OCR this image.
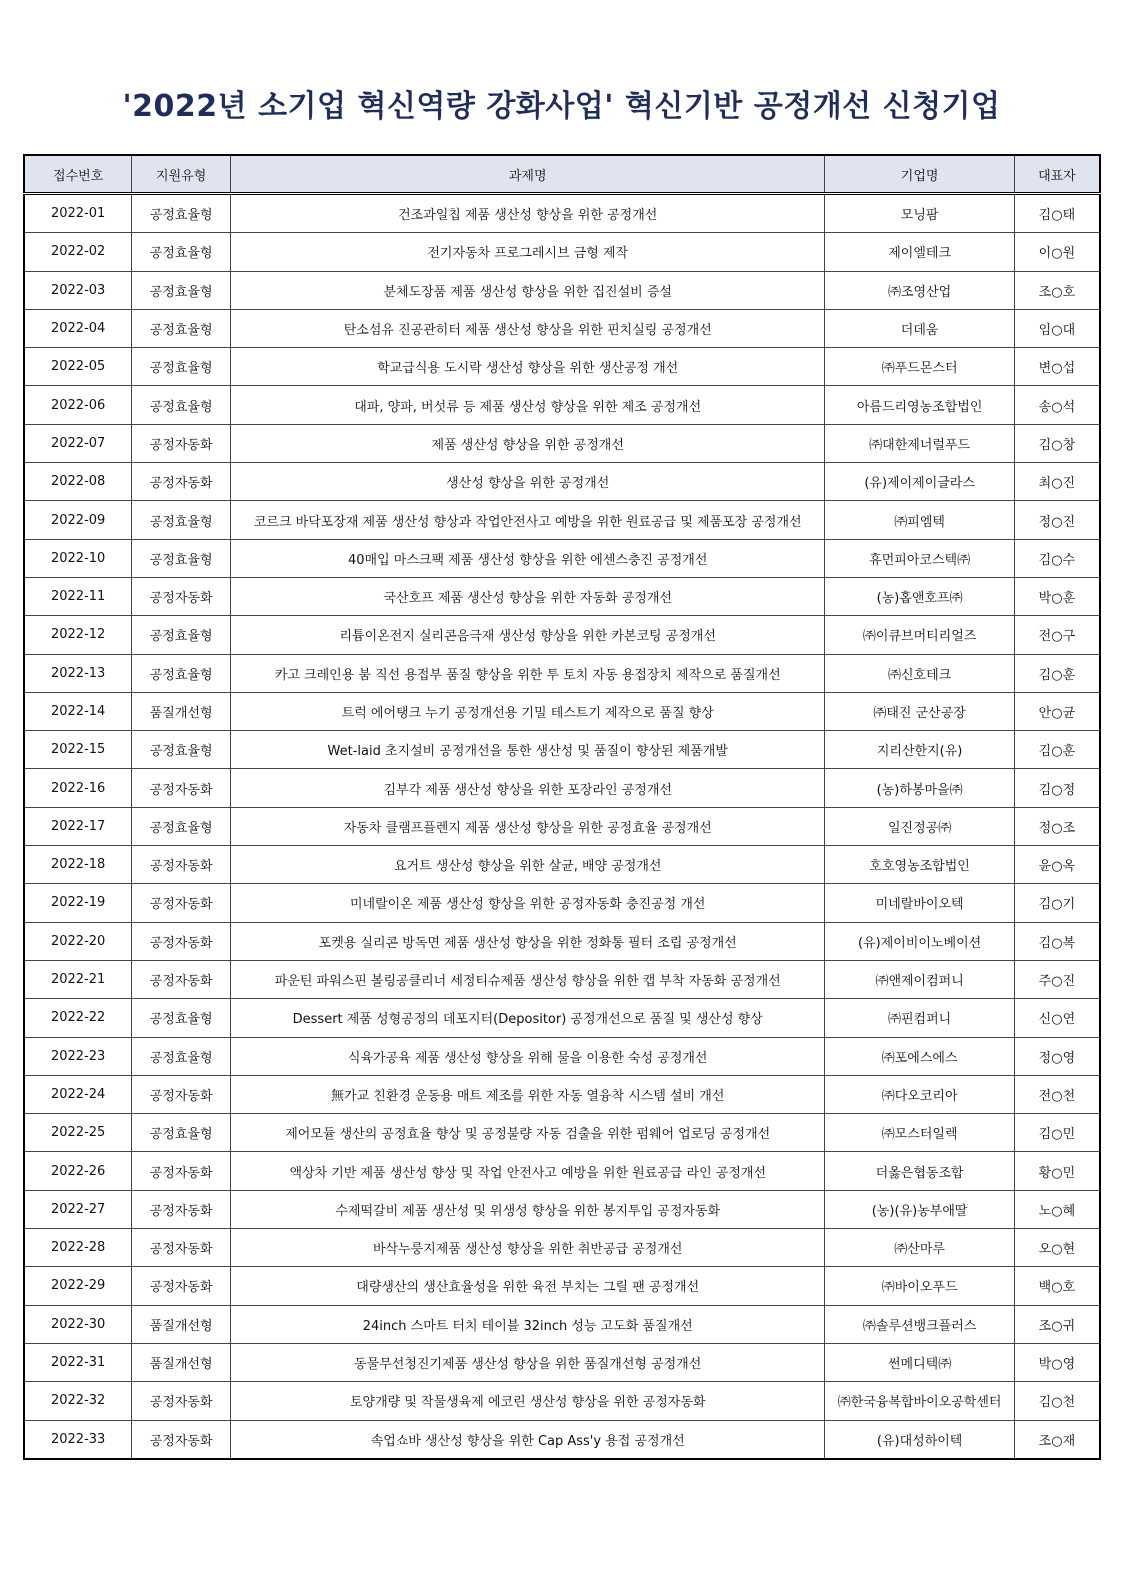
'2022년 소기업 혁신역량 강화사업' 혁신기반 공정개선 신청기업
접수번호	지원유형	과제명	기업명	대표자
2022-01	공정효율형	건조과일칩 제품 생산성 향상을 위한 공정개선	모닝팜	김○태
2022-02	공정효율형	전기자동차 프로그레시브 금형 제작	제이엘테크	이○원
2022-03	공정효율형	분체도장품 제품 생산성 향상을 위한 집진설비 증설	㈜조영산업	조○호
2022-04	공정효율형	탄소섬유 진공관히터 제품 생산성 향상을 위한 핀치실링 공정개선	더데움	임○대
2022-05	공정효율형	학교급식용 도시락 생산성 향상을 위한 생산공정 개선	㈜푸드몬스터	변○섭
2022-06	공정효율형	대파, 양파, 버섯류 등 제품 생산성 향상을 위한 제조 공정개선	아름드리영농조합법인	송○석
2022-07	공정자동화	제품 생산성 향상을 위한 공정개선	㈜대한제너럴푸드	김○창
2022-08	공정자동화	생산성 향상을 위한 공정개선	(유)제이제이글라스	최○진
2022-09	공정효율형	코르크 바닥포장재 제품 생산성 향상과 작업안전사고 예방을 위한 원료공급 및 제품포장 공정개선	㈜피엠텍	정○진
2022-10	공정효율형	40매입 마스크팩 제품 생산성 향상을 위한 에센스충진 공정개선	휴먼피아코스텍㈜	김○수
2022-11	공정자동화	국산호프 제품 생산성 향상을 위한 자동화 공정개선	(농)홉앤호프㈜	박○훈
2022-12	공정효율형	리튬이온전지 실리콘음극재 생산성 향상을 위한 카본코팅 공정개선	㈜이큐브머티리얼즈	전○구
2022-13	공정효율형	카고 크레인용 붐 직선 용접부 품질 향상을 위한 투 토치 자동 용접장치 제작으로 품질개선	㈜신호테크	김○훈
2022-14	품질개선형	트럭 에어탱크 누기 공정개선용 기밀 테스트기 제작으로 품질 향상	㈜태진 군산공장	안○균
2022-15	공정효율형	Wet-laid 초지설비 공정개선을 통한 생산성 및 품질이 향상된 제품개발	지리산한지(유)	김○훈
2022-16	공정자동화	김부각 제품 생산성 향상을 위한 포장라인 공정개선	(농)하봉마을㈜	김○정
2022-17	공정효율형	자동차 클램프플렌지 제품 생산성 향상을 위한 공정효율 공정개선	일진정공㈜	정○조
2022-18	공정자동화	요거트 생산성 향상을 위한 살균, 배양 공정개선	호호영농조합법인	윤○옥
2022-19	공정자동화	미네랄이온 제품 생산성 향상을 위한 공정자동화 충진공정 개선	미네랄바이오텍	김○기
2022-20	공정자동화	포켓용 실리콘 방독면 제품 생산성 향상을 위한 정화통 필터 조립 공정개선	(유)제이비이노베이션	김○복
2022-21	공정자동화	파운틴 파워스핀 볼링공클리너 세정티슈제품 생산성 향상을 위한 캡 부착 자동화 공정개선	㈜앤제이컴퍼니	주○진
2022-22	공정효율형	Dessert 제품 성형공정의 데포지터(Depositor) 공정개선으로 품질 및 생산성 향상	㈜핀컴퍼니	신○연
2022-23	공정효율형	식육가공육 제품 생산성 향상을 위해 물을 이용한 숙성 공정개선	㈜포에스에스	정○영
2022-24	공정자동화	無가교 친환경 운동용 매트 제조를 위한 자동 열융착 시스템 설비 개선	㈜다오코리아	전○천
2022-25	공정효율형	제어모듈 생산의 공정효율 향상 및 공정불량 자동 검출을 위한 펌웨어 업로딩 공정개선	㈜모스터일렉	김○민
2022-26	공정자동화	액상차 기반 제품 생산성 향상 및 작업 안전사고 예방을 위한 원료공급 라인 공정개선	더옳은협동조합	황○민
2022-27	공정자동화	수제떡갈비 제품 생산성 및 위생성 향상을 위한 봉지투입 공정자동화	(농)(유)농부애딸	노○혜
2022-28	공정자동화	바삭누룽지제품 생산성 향상을 위한 취반공급 공정개선	㈜산마루	오○현
2022-29	공정자동화	대량생산의 생산효율성을 위한 육전 부치는 그릴 팬 공정개선	㈜바이오푸드	백○호
2022-30	품질개선형	24inch 스마트 터치 테이블 32inch 성능 고도화 품질개선	㈜솔루션뱅크플러스	조○귀
2022-31	품질개선형	동물무선청진기제품 생산성 향상을 위한 품질개선형 공정개선	썬메디텍㈜	박○영
2022-32	공정자동화	토양개량 및 작물생육제 에코린 생산성 향상을 위한 공정자동화	㈜한국융복합바이오공학센터	김○천
2022-33	공정자동화	속업쇼바 생산성 향상을 위한 Cap Ass'y 용접 공정개선	(유)대성하이텍	조○재
